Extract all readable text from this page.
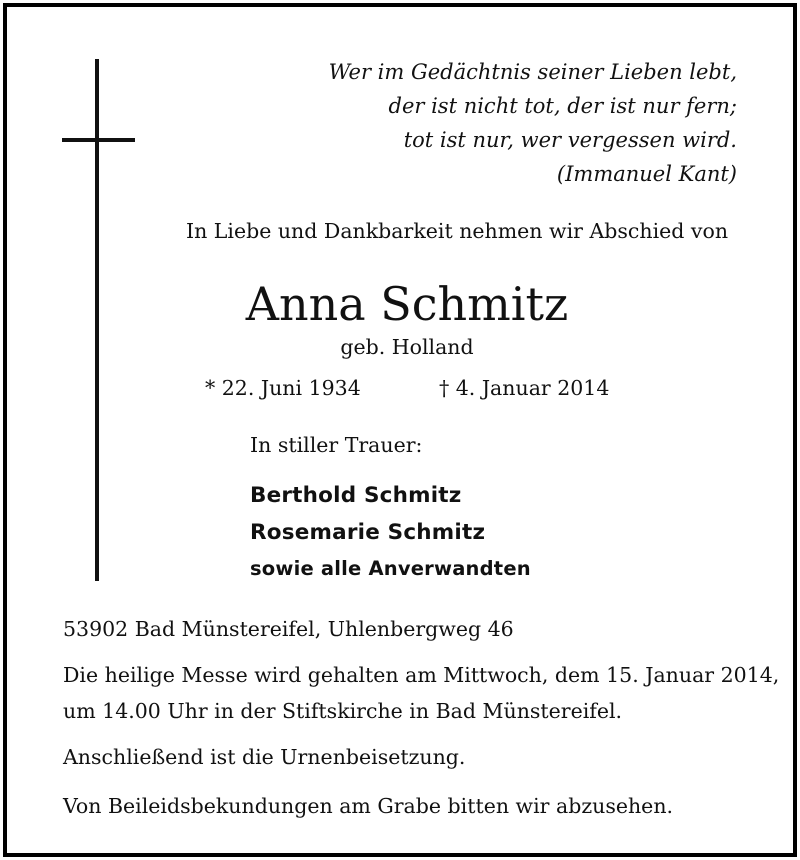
Wer im Gedächtnis seiner Lieben lebt,
der ist nicht tot, der ist nur fern;
tot ist nur, wer vergessen wird.
(Immanuel Kant)
In Liebe und Dankbarkeit nehmen wir Abschied von
Anna Schmitz
geb. Holland
* 22. Juni 1934	† 4. Januar 2014
In stiller Trauer:
Berthold Schmitz
Rosemarie Schmitz
sowie alle Anverwandten
53902 Bad Münstereifel, Uhlenbergweg 46
Die heilige Messe wird gehalten am Mittwoch, dem 15. Januar 2014,
um 14.00 Uhr in der Stiftskirche in Bad Münstereifel.
Anschließend ist die Urnenbeisetzung.
Von Beileidsbekundungen am Grabe bitten wir abzusehen.
